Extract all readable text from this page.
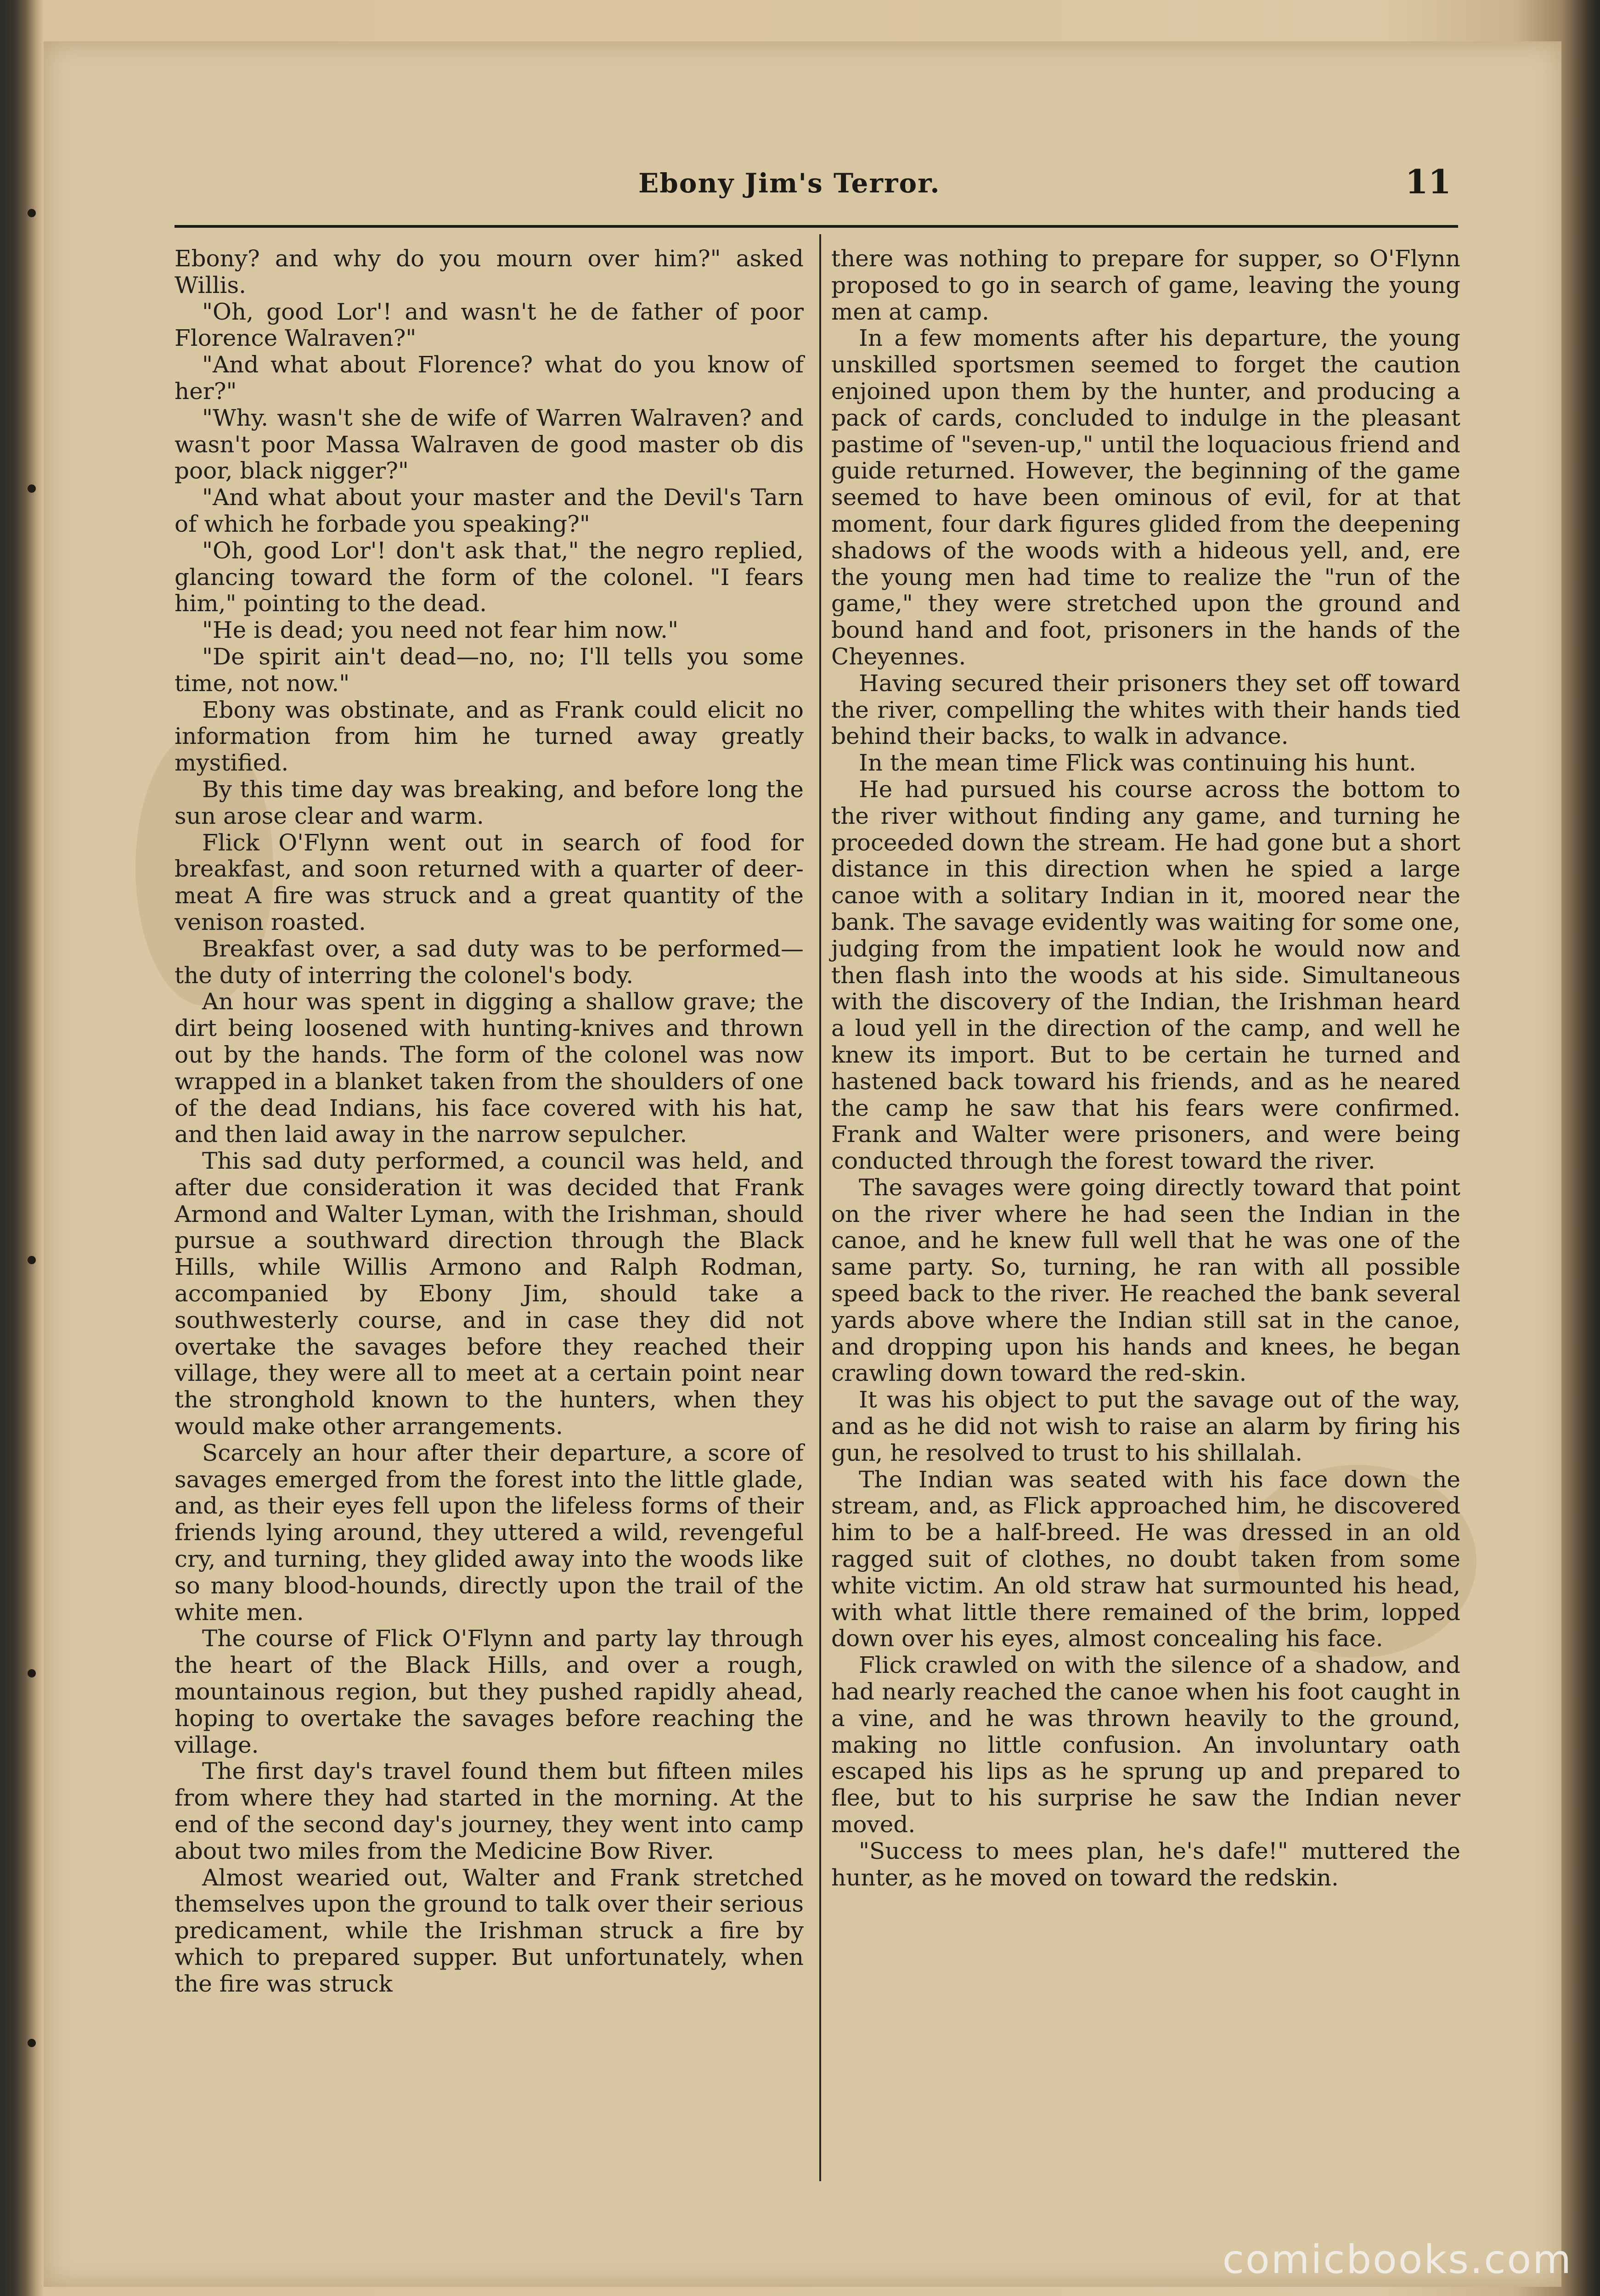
Ebony Jim's Terror.	11

Ebony? and why do you mourn over him?" asked Willis.

"Oh, good Lor'! and wasn't he de father of poor Florence Walraven?"

"And what about Florence? what do you know of her?"

"Why. wasn't she de wife of Warren Walraven? and wasn't poor Massa Walraven de good master ob dis poor, black nigger?"

"And what about your master and the Devil's Tarn of which he forbade you speaking?"

"Oh, good Lor'! don't ask that," the negro replied, glancing toward the form of the colonel. "I fears him," pointing to the dead.

"He is dead; you need not fear him now."

"De spirit ain't dead—no, no; I'll tells you some time, not now."

Ebony was obstinate, and as Frank could elicit no information from him he turned away greatly mystified.

By this time day was breaking, and before long the sun arose clear and warm.

Flick O'Flynn went out in search of food for breakfast, and soon returned with a quarter of deer-meat A fire was struck and a great quantity of the venison roasted.

Breakfast over, a sad duty was to be performed—the duty of interring the colonel's body.

An hour was spent in digging a shallow grave; the dirt being loosened with hunting-knives and thrown out by the hands. The form of the colonel was now wrapped in a blanket taken from the shoulders of one of the dead Indians, his face covered with his hat, and then laid away in the narrow sepulcher.

This sad duty performed, a council was held, and after due consideration it was decided that Frank Armond and Walter Lyman, with the Irishman, should pursue a southward direction through the Black Hills, while Willis Armono and Ralph Rodman, accompanied by Ebony Jim, should take a southwesterly course, and in case they did not overtake the savages before they reached their village, they were all to meet at a certain point near the stronghold known to the hunters, when they would make other arrangements.

Scarcely an hour after their departure, a score of savages emerged from the forest into the little glade, and, as their eyes fell upon the lifeless forms of their friends lying around, they uttered a wild, revengeful cry, and turning, they glided away into the woods like so many blood-hounds, directly upon the trail of the white men.

The course of Flick O'Flynn and party lay through the heart of the Black Hills, and over a rough, mountainous region, but they pushed rapidly ahead, hoping to overtake the savages before reaching the village.

The first day's travel found them but fifteen miles from where they had started in the morning. At the end of the second day's journey, they went into camp about two miles from the Medicine Bow River.

Almost wearied out, Walter and Frank stretched themselves upon the ground to talk over their serious predicament, while the Irishman struck a fire by which to prepared supper. But unfortunately, when the fire was struck

there was nothing to prepare for supper, so O'Flynn proposed to go in search of game, leaving the young men at camp.

In a few moments after his departure, the young unskilled sportsmen seemed to forget the caution enjoined upon them by the hunter, and producing a pack of cards, concluded to indulge in the pleasant pastime of "seven-up," until the loquacious friend and guide returned. However, the beginning of the game seemed to have been ominous of evil, for at that moment, four dark figures glided from the deepening shadows of the woods with a hideous yell, and, ere the young men had time to realize the "run of the game," they were stretched upon the ground and bound hand and foot, prisoners in the hands of the Cheyennes.

Having secured their prisoners they set off toward the river, compelling the whites with their hands tied behind their backs, to walk in advance.

In the mean time Flick was continuing his hunt.

He had pursued his course across the bottom to the river without finding any game, and turning he proceeded down the stream. He had gone but a short distance in this direction when he spied a large canoe with a solitary Indian in it, moored near the bank. The savage evidently was waiting for some one, judging from the impatient look he would now and then flash into the woods at his side. Simultaneous with the discovery of the Indian, the Irishman heard a loud yell in the direction of the camp, and well he knew its import. But to be certain he turned and hastened back toward his friends, and as he neared the camp he saw that his fears were confirmed. Frank and Walter were prisoners, and were being conducted through the forest toward the river.

The savages were going directly toward that point on the river where he had seen the Indian in the canoe, and he knew full well that he was one of the same party. So, turning, he ran with all possible speed back to the river. He reached the bank several yards above where the Indian still sat in the canoe, and dropping upon his hands and knees, he began crawling down toward the red-skin.

It was his object to put the savage out of the way, and as he did not wish to raise an alarm by firing his gun, he resolved to trust to his shillalah.

The Indian was seated with his face down the stream, and, as Flick approached him, he discovered him to be a half-breed. He was dressed in an old ragged suit of clothes, no doubt taken from some white victim. An old straw hat surmounted his head, with what little there remained of the brim, lopped down over his eyes, almost concealing his face.

Flick crawled on with the silence of a shadow, and had nearly reached the canoe when his foot caught in a vine, and he was thrown heavily to the ground, making no little confusion. An involuntary oath escaped his lips as he sprung up and prepared to flee, but to his surprise he saw the Indian never moved.

"Success to mees plan, he's dafe!" muttered the hunter, as he moved on toward the redskin.

comicbooks.com
